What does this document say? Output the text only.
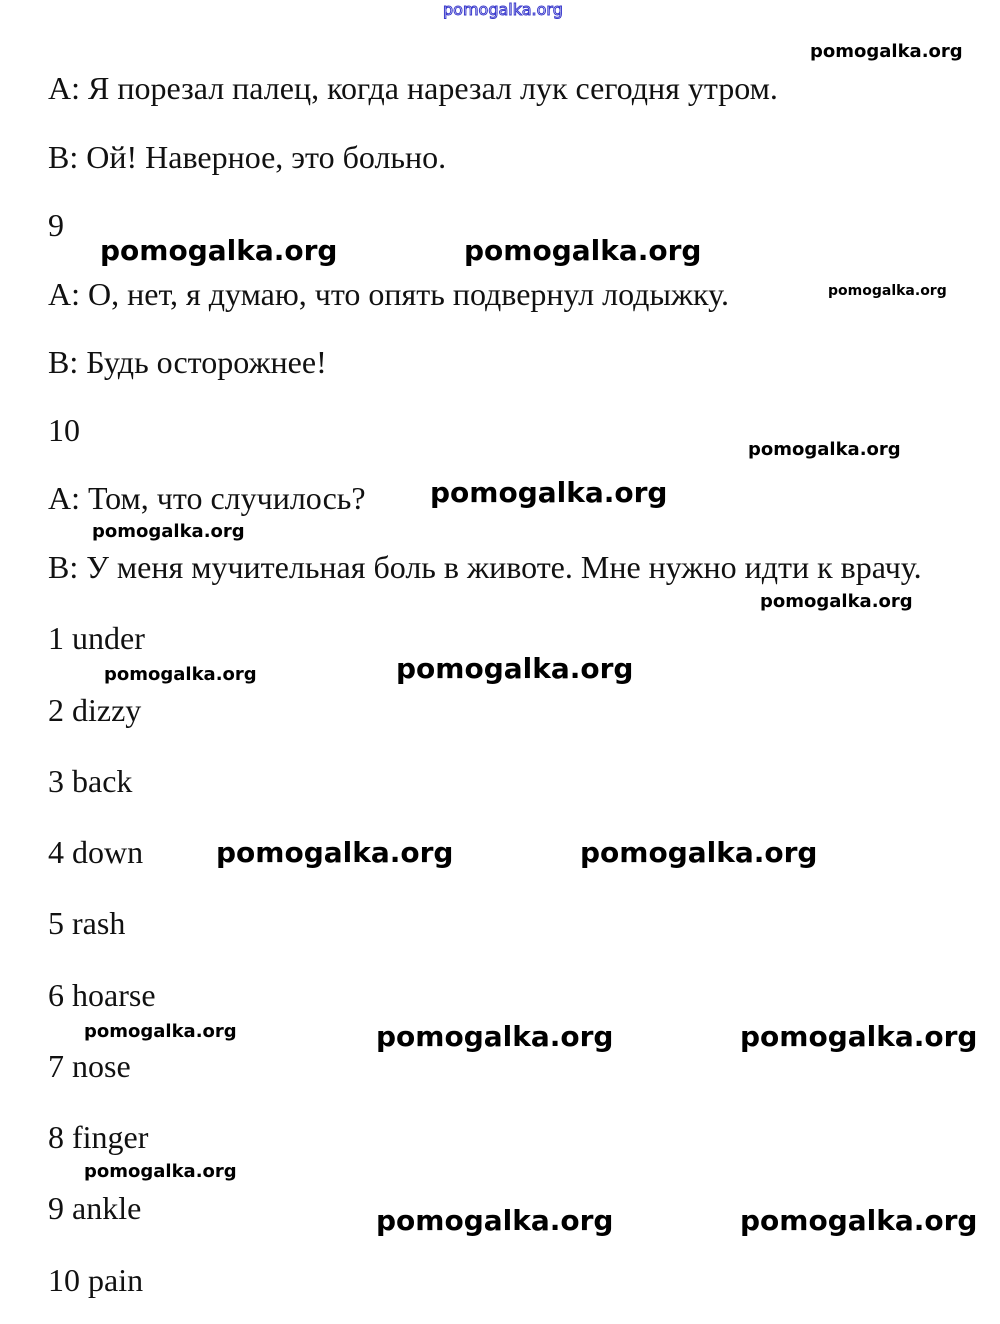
pomogalka.org
A: Я порезал палец, когда нарезал лук сегодня утром.
B: Ой! Наверное, это больно.
9
A: О, нет, я думаю, что опять подвернул лодыжку.
B: Будь осторожнее!
10
A: Том, что случилось?
B: У меня мучительная боль в животе. Мне нужно идти к врачу.
1 under
2 dizzy
3 back
4 down
5 rash
6 hoarse
7 nose
8 finger
9 ankle
10 pain
pomogalka.org
pomogalka.org	pomogalka.org
pomogalka.org
pomogalka.org
pomogalka.org
pomogalka.org
pomogalka.org
pomogalka.org
pomogalka.org
pomogalka.org	pomogalka.org
pomogalka.org	pomogalka.org	pomogalka.org
pomogalka.org
pomogalka.org	pomogalka.org
